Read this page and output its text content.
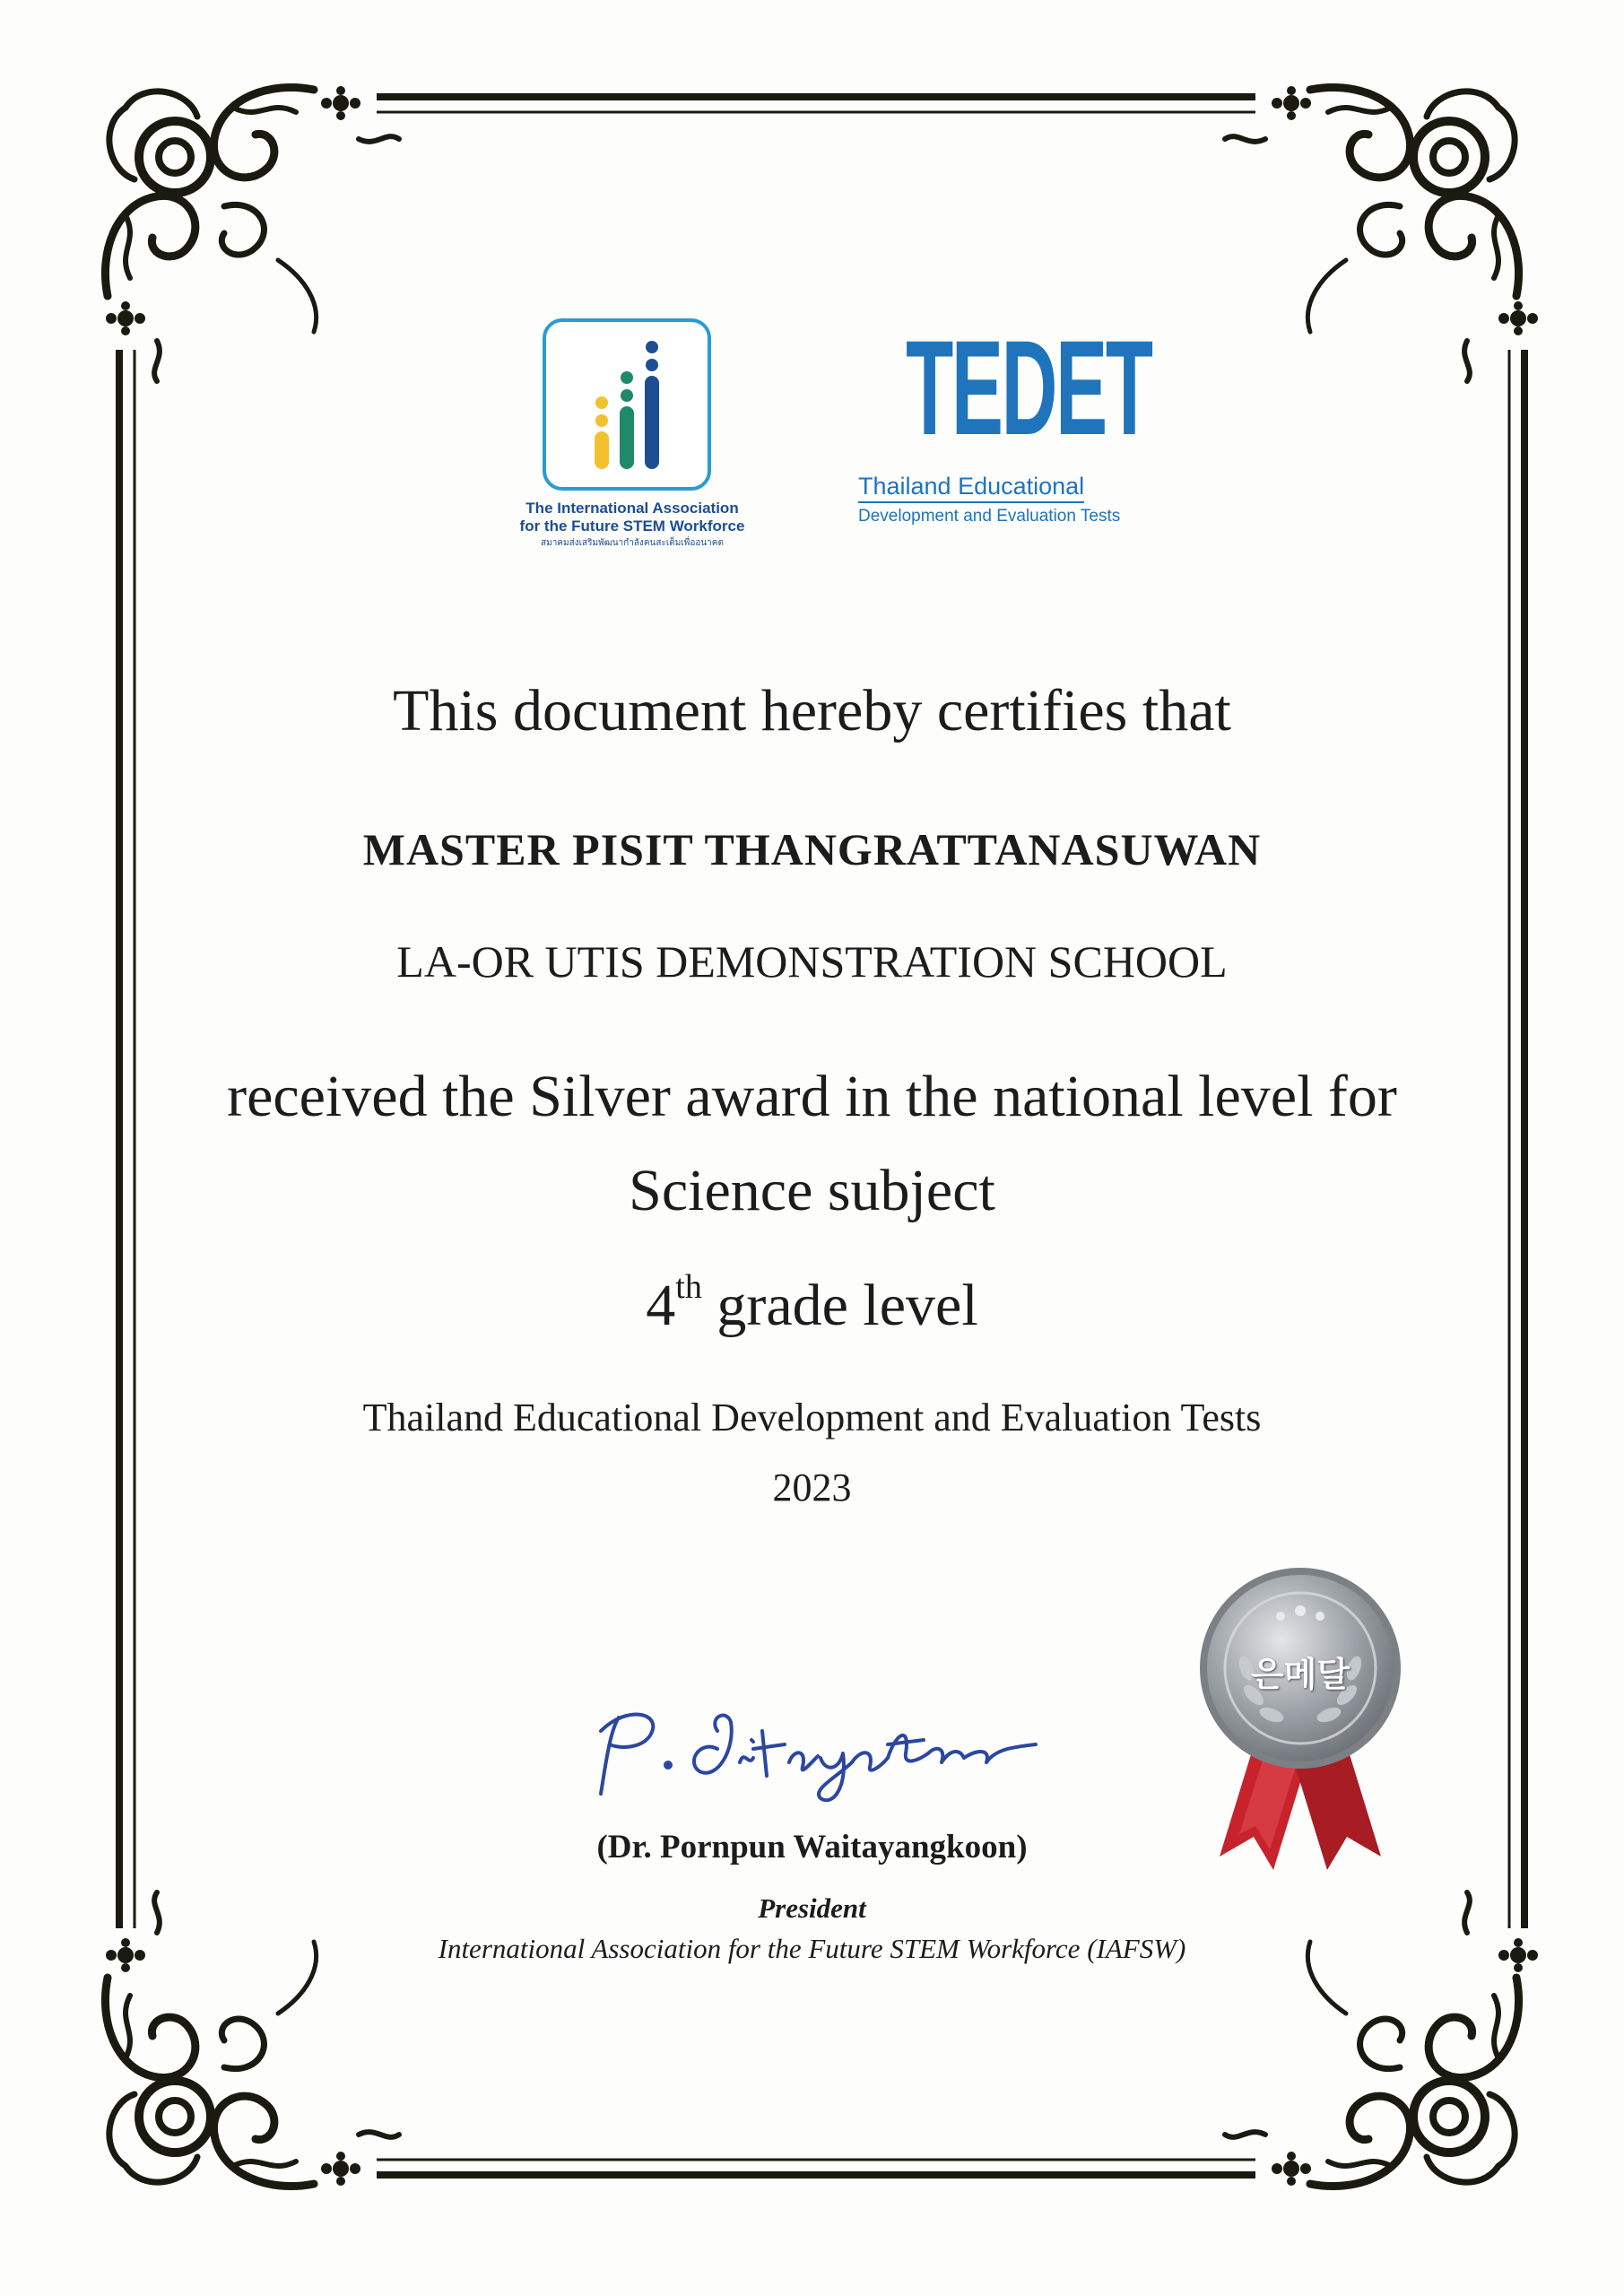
The International Association
for the Future STEM Workforce
สมาคมส่งเสริมพัฒนากำลังคนสะเต็มเพื่ออนาคต
TEDET
Thailand Educational
Development and Evaluation Tests
This document hereby certifies that
MASTER PISIT THANGRATTANASUWAN
LA-OR UTIS DEMONSTRATION SCHOOL
received the Silver award in the national level for
Science subject
4th grade level
Thailand Educational Development and Evaluation Tests
2023
(Dr. Pornpun Waitayangkoon)
President
International Association for the Future STEM Workforce (IAFSW)
은메달
